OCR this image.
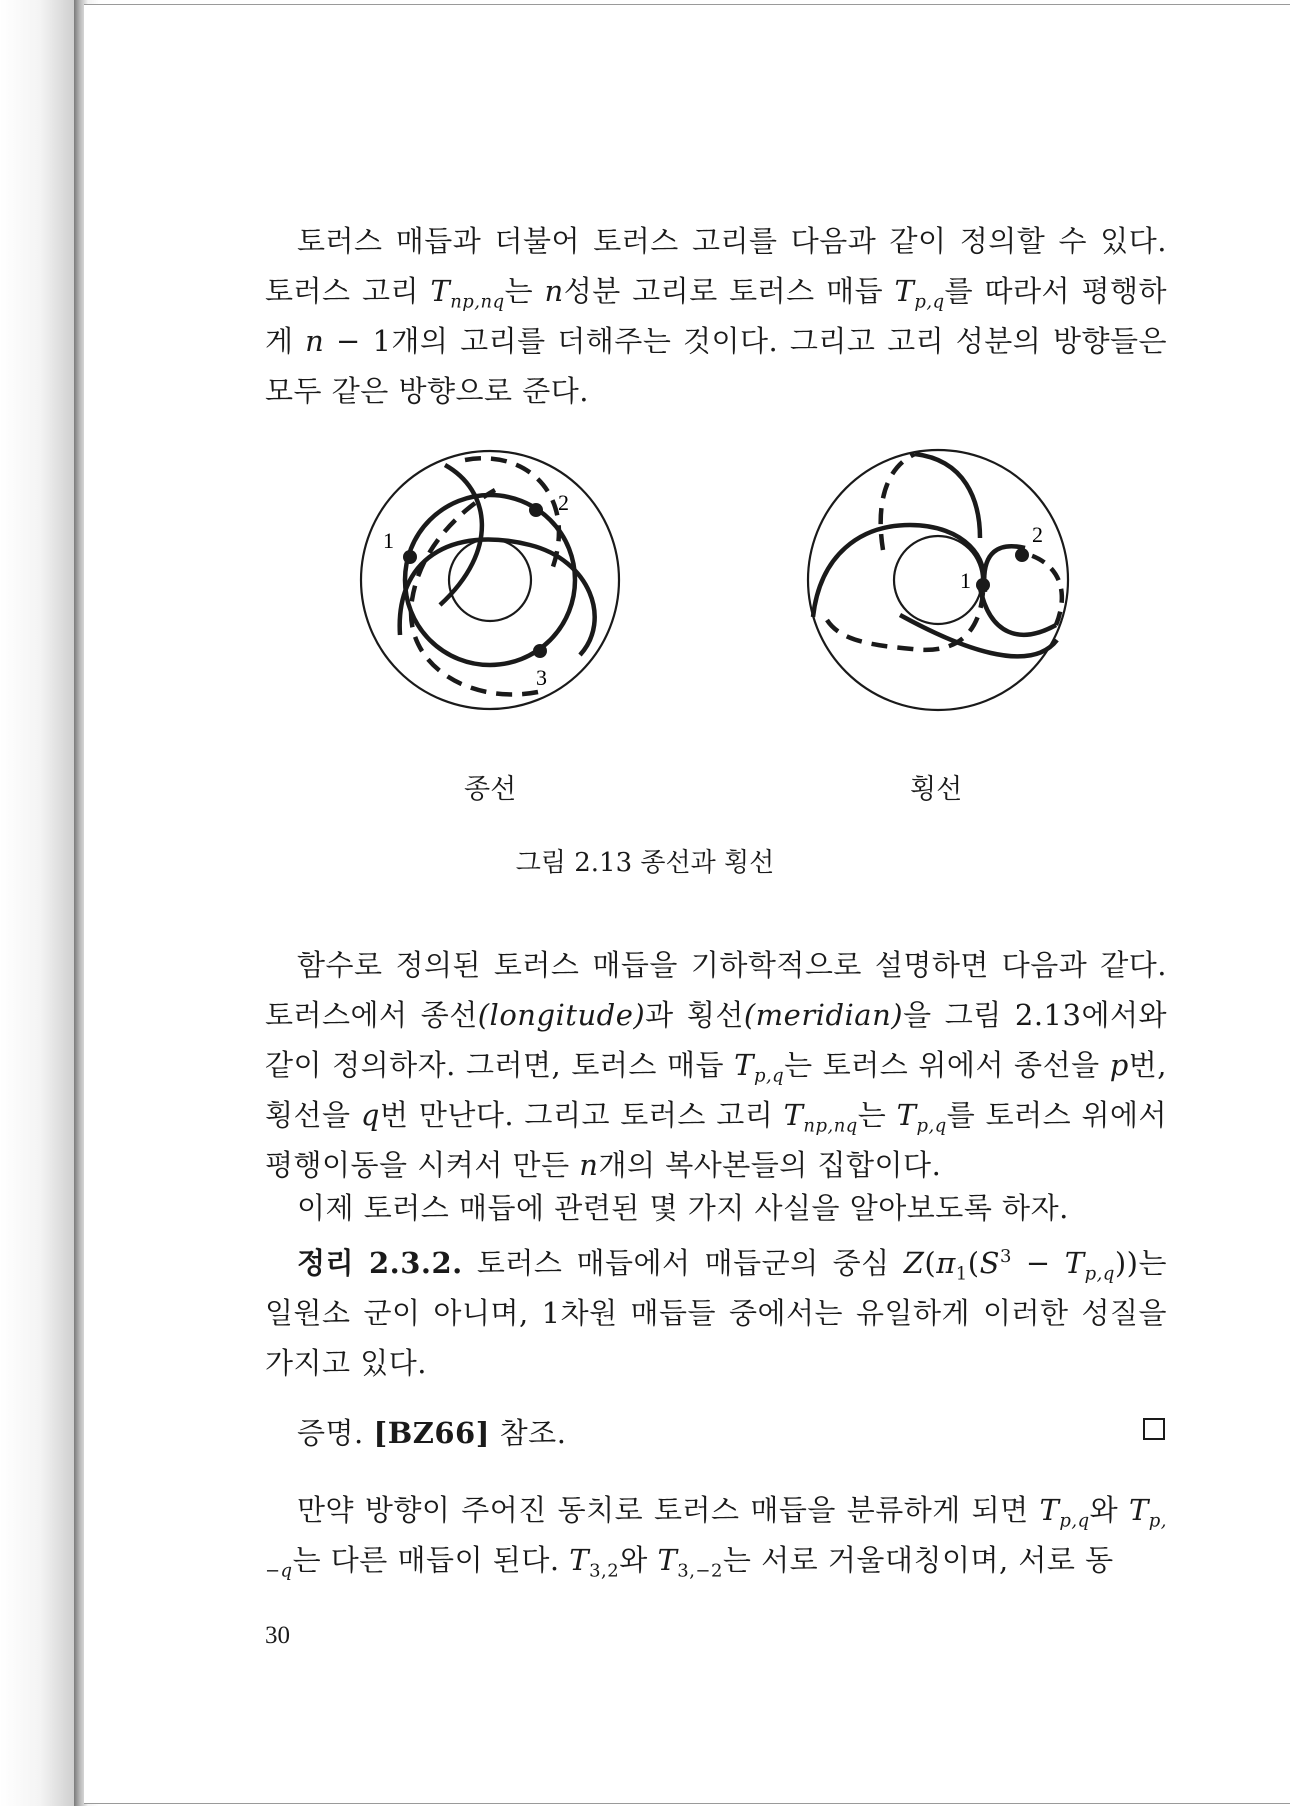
토러스 매듭과 더불어 토러스 고리를 다음과 같이 정의할 수 있다. 토러스 고리 $T_{np,nq}$는 n성분 고리로 토러스 매듭 $T_{p,q}$를 따라서 평행하게 n − 1개의 고리를 더해주는 것이다. 그리고 고리 성분의 방향들은 모두 같은 방향으로 준다.

1
2
3
1
2
종선	횡선
그림 2.13 종선과 횡선

함수로 정의된 토러스 매듭을 기하학적으로 설명하면 다음과 같다. 토러스에서 종선(longitude)과 횡선(meridian)을 그림 2.13에서와 같이 정의하자. 그러면, 토러스 매듭 $T_{p,q}$는 토러스 위에서 종선을 p번, 횡선을 q번 만난다. 그리고 토러스 고리 $T_{np,nq}$는 $T_{p,q}$를 토러스 위에서 평행이동을 시켜서 만든 n개의 복사본들의 집합이다.

이제 토러스 매듭에 관련된 몇 가지 사실을 알아보도록 하자.

정리 2.3.2. 토러스 매듭에서 매듭군의 중심 $Z(\pi_1(S^3 - T_{p,q}))$는 일원소 군이 아니며, 1차원 매듭들 중에서는 유일하게 이러한 성질을 가지고 있다.

증명. [BZ66] 참조.

만약 방향이 주어진 동치로 토러스 매듭을 분류하게 되면 $T_{p,q}$와 $T_{p,-q}$는 다른 매듭이 된다. $T_{3,2}$와 $T_{3,-2}$는 서로 거울대칭이며, 서로 동

30
